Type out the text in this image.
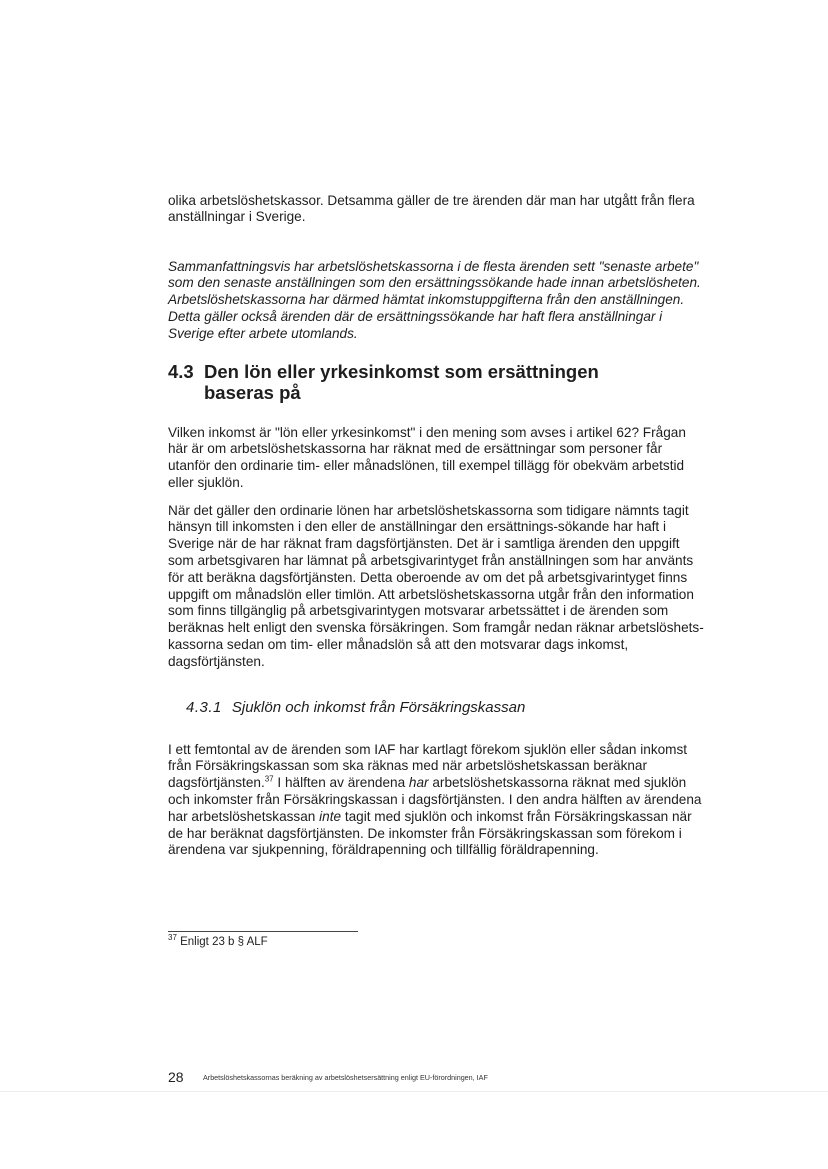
olika arbetslöshetskassor. Detsamma gäller de tre ärenden där man har utgått från flera anställningar i Sverige.

Sammanfattningsvis har arbetslöshetskassorna i de flesta ärenden sett "senaste arbete" som den senaste anställningen som den ersättningssökande hade innan arbetslösheten. Arbetslöshetskassorna har därmed hämtat inkomstuppgifterna från den anställningen. Detta gäller också ärenden där de ersättningssökande har haft flera anställningar i Sverige efter arbete utomlands.

4.3 Den lön eller yrkesinkomst som ersättningen baseras på

Vilken inkomst är "lön eller yrkesinkomst" i den mening som avses i artikel 62? Frågan här är om arbetslöshetskassorna har räknat med de ersättningar som personer får utanför den ordinarie tim- eller månadslönen, till exempel tillägg för obekväm arbetstid eller sjuklön.

När det gäller den ordinarie lönen har arbetslöshetskassorna som tidigare nämnts tagit hänsyn till inkomsten i den eller de anställningar den ersättnings-sökande har haft i Sverige när de har räknat fram dagsförtjänsten. Det är i samtliga ärenden den uppgift som arbetsgivaren har lämnat på arbetsgivarintyget från anställningen som har använts för att beräkna dagsförtjänsten. Detta oberoende av om det på arbetsgivarintyget finns uppgift om månadslön eller timlön. Att arbetslöshetskassorna utgår från den information som finns tillgänglig på arbetsgivarintygen motsvarar arbetssättet i de ärenden som beräknas helt enligt den svenska försäkringen. Som framgår nedan räknar arbetslöshets-kassorna sedan om tim- eller månadslön så att den motsvarar dags inkomst, dagsförtjänsten.

4.3.1 Sjuklön och inkomst från Försäkringskassan

I ett femtontal av de ärenden som IAF har kartlagt förekom sjuklön eller sådan inkomst från Försäkringskassan som ska räknas med när arbetslöshetskassan beräknar dagsförtjänsten.$^{37}$ I hälften av ärendena har arbetslöshetskassorna räknat med sjuklön och inkomster från Försäkringskassan i dagsförtjänsten. I den andra hälften av ärendena har arbetslöshetskassan inte tagit med sjuklön och inkomst från Försäkringskassan när de har beräknat dagsförtjänsten. De inkomster från Försäkringskassan som förekom i ärendena var sjukpenning, föräldrapenning och tillfällig föräldrapenning.

$^{37}$ Enligt 23 b § ALF
28	Arbetslöshetskassornas beräkning av arbetslöshetsersättning enligt EU-förordningen, IAF
